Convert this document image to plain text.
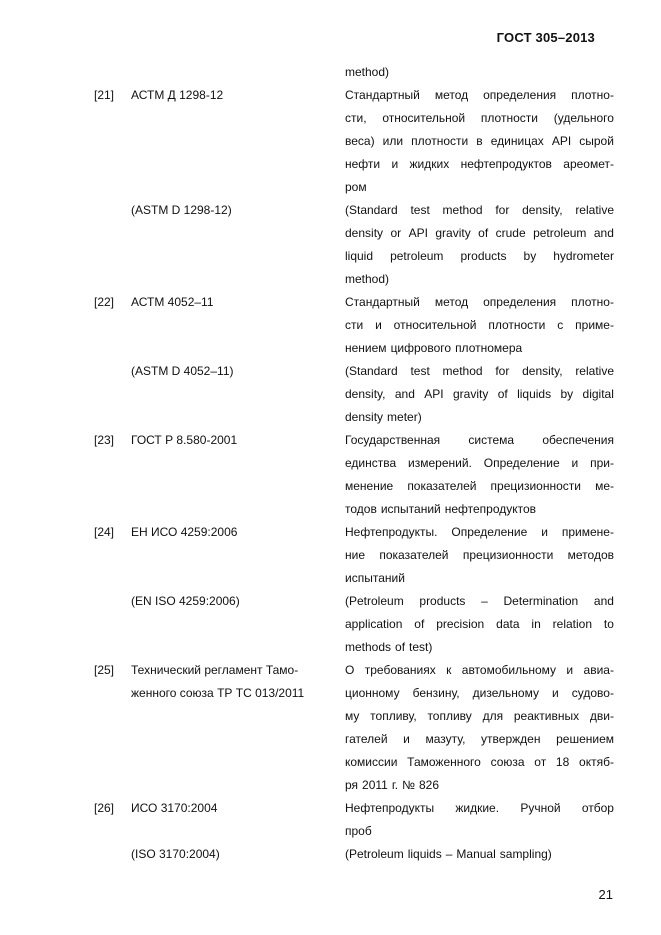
ГОСТ 305–2013
method)
[21]	АСТМ Д 1298-12	Стандартный метод определения плотно-
сти, относительной плотности (удельного
веса) или плотности в единицах API сырой
нефти и жидких нефтепродуктов ареомет-
ром
(ASTM D 1298-12)	(Standard test method for density, relative
density or API gravity of crude petroleum and
liquid petroleum products by hydrometer
method)
[22]	АСТМ 4052–11	Стандартный метод определения плотно-
сти и относительной плотности с приме-
нением цифрового плотномера
(ASTM D 4052–11)	(Standard test method for density, relative
density, and API gravity of liquids by digital
density meter)
[23]	ГОСТ Р 8.580-2001	Государственная система обеспечения
единства измерений. Определение и при-
менение показателей прецизионности ме-
тодов испытаний нефтепродуктов
[24]	ЕН ИСО 4259:2006	Нефтепродукты. Определение и примене-
ние показателей прецизионности методов
испытаний
(EN ISO 4259:2006)	(Petroleum products – Determination and
application of precision data in relation to
methods of test)
[25]	Технический регламент Тамо-	О требованиях к автомобильному и авиа-
женного союза ТР ТС 013/2011	ционному бензину, дизельному и судово-
му топливу, топливу для реактивных дви-
гателей и мазуту, утвержден решением
комиссии Таможенного союза от 18 октяб-
ря 2011 г. № 826
[26]	ИСО 3170:2004	Нефтепродукты жидкие. Ручной отбор
проб
(ISO 3170:2004)	(Petroleum liquids – Manual sampling)
21
